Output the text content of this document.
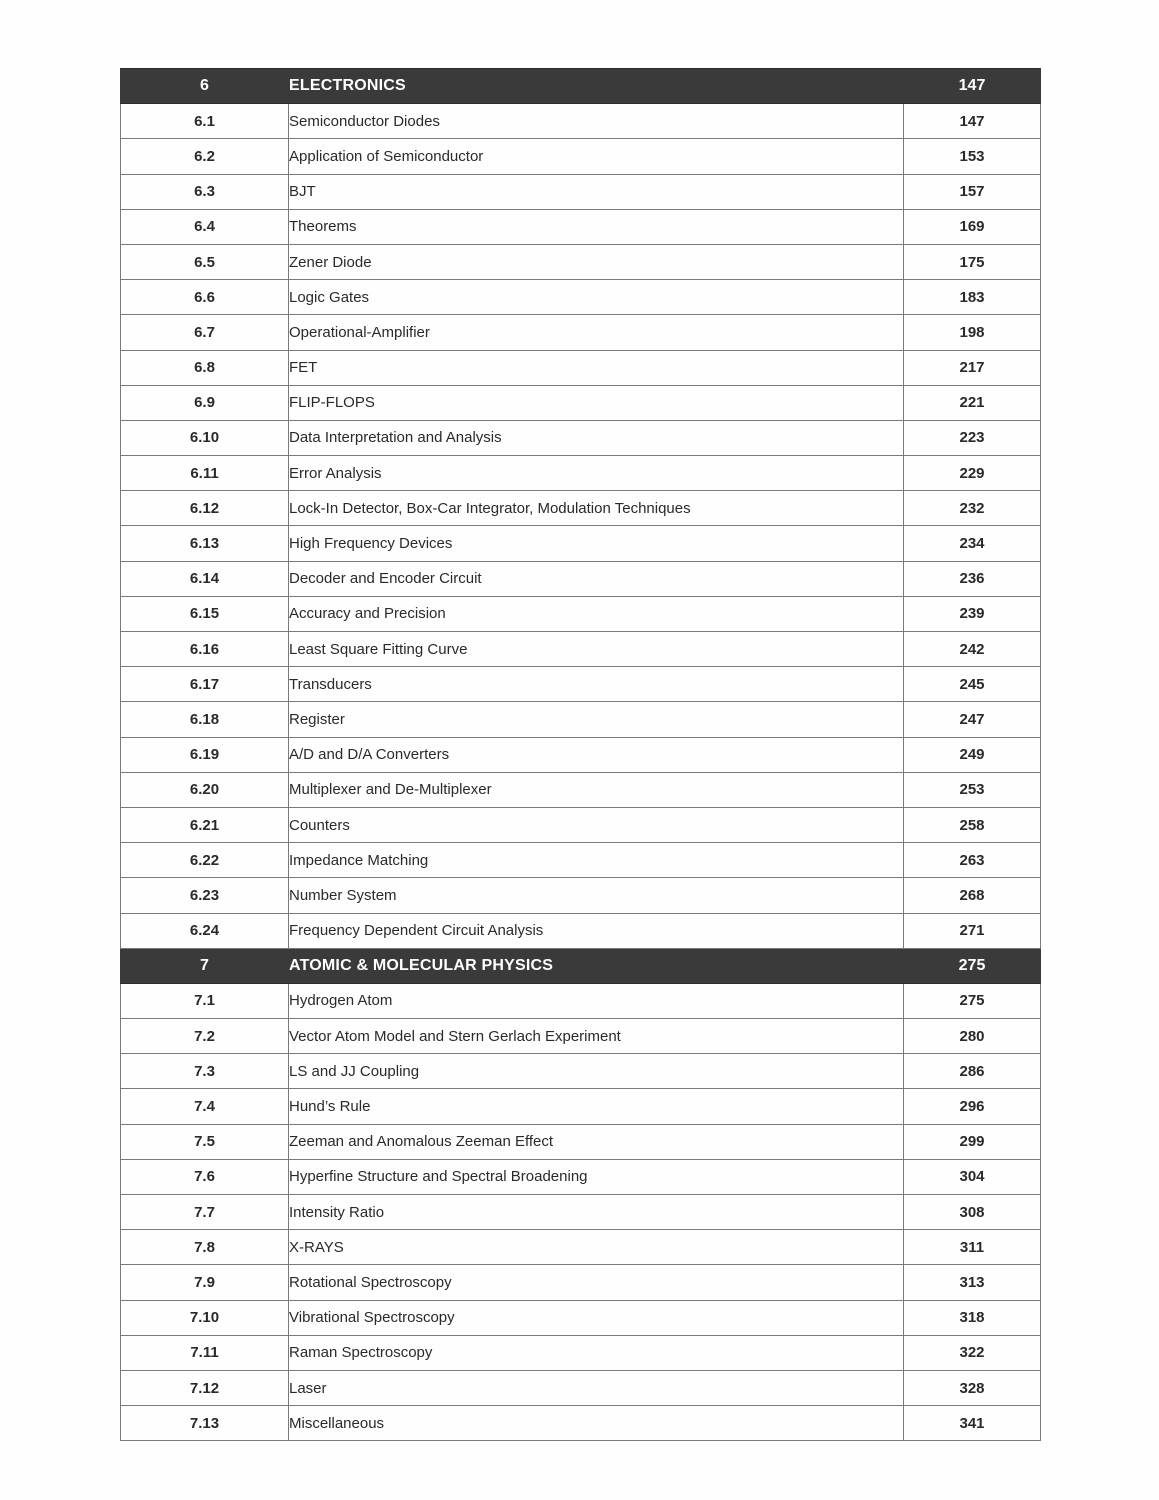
6	ELECTRONICS	147
6.1	Semiconductor Diodes	147
6.2	Application of Semiconductor	153
6.3	BJT	157
6.4	Theorems	169
6.5	Zener Diode	175
6.6	Logic Gates	183
6.7	Operational-Amplifier	198
6.8	FET	217
6.9	FLIP-FLOPS	221
6.10	Data Interpretation and Analysis	223
6.11	Error Analysis	229
6.12	Lock-In Detector, Box-Car Integrator, Modulation Techniques	232
6.13	High Frequency Devices	234
6.14	Decoder and Encoder Circuit	236
6.15	Accuracy and Precision	239
6.16	Least Square Fitting Curve	242
6.17	Transducers	245
6.18	Register	247
6.19	A/D and D/A Converters	249
6.20	Multiplexer and De-Multiplexer	253
6.21	Counters	258
6.22	Impedance Matching	263
6.23	Number System	268
6.24	Frequency Dependent Circuit Analysis	271
7	ATOMIC & MOLECULAR PHYSICS	275
7.1	Hydrogen Atom	275
7.2	Vector Atom Model and Stern Gerlach Experiment	280
7.3	LS and JJ Coupling	286
7.4	Hund’s Rule	296
7.5	Zeeman and Anomalous Zeeman Effect	299
7.6	Hyperfine Structure and Spectral Broadening	304
7.7	Intensity Ratio	308
7.8	X-RAYS	311
7.9	Rotational Spectroscopy	313
7.10	Vibrational Spectroscopy	318
7.11	Raman Spectroscopy	322
7.12	Laser	328
7.13	Miscellaneous	341
